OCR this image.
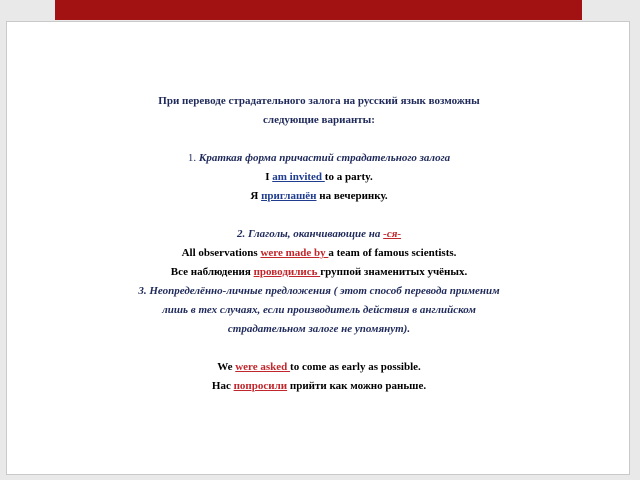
При переводе страдательного залога на русский язык возможны
следующие варианты:
1. Краткая форма причастий страдательного залога
I am invited to a party.
Я приглашён на вечеринку.
2. Глаголы, оканчивающие на -ся-
All observations were made by a team of famous scientists.
Все наблюдения проводились группой знаменитых учёных.
3. Неопределённо-личные предложения ( этот способ перевода применим
лишь в тех случаях, если производитель действия в английском
страдательном залоге не упомянут).
We were asked to come as early as possible.
Нас попросили прийти как можно раньше.
